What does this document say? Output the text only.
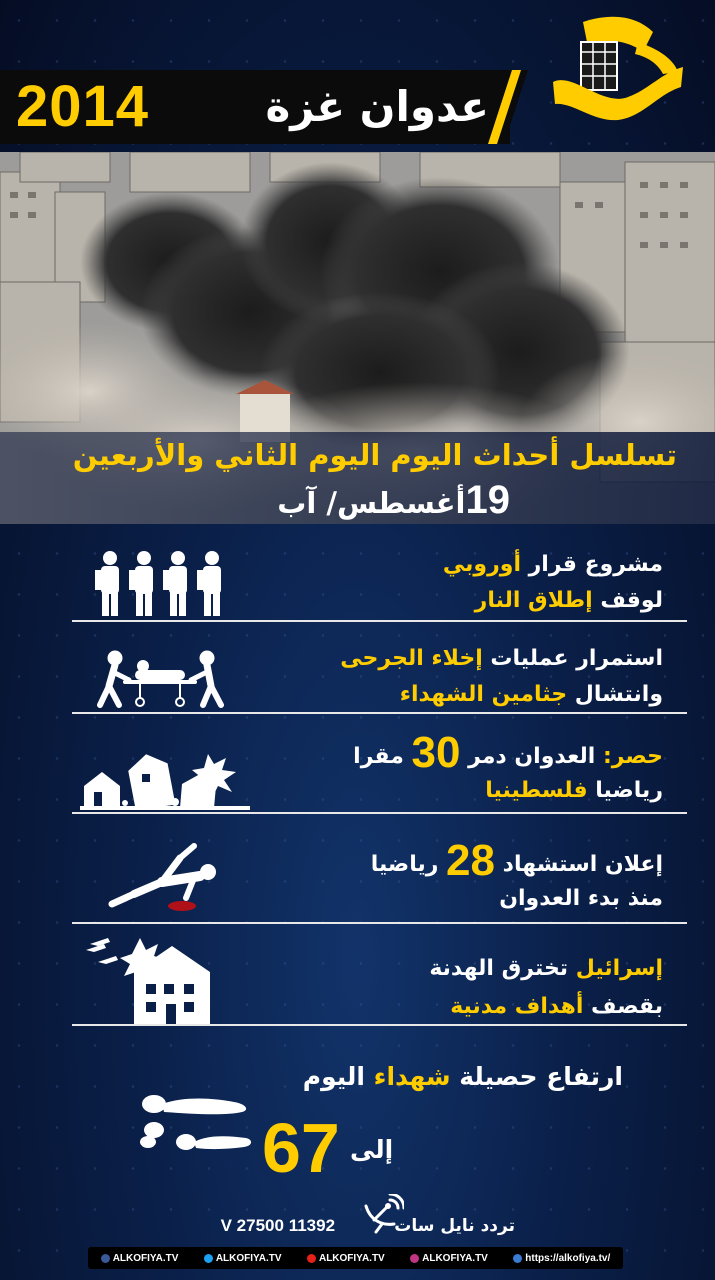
2014	عدوان غزة
تسلسل أحداث اليوم اليوم الثاني والأربعين
19أغسطس/ آب
مشروع قرار أوروبي
لوقف إطلاق النار
استمرار عمليات إخلاء الجرحى
وانتشال جثامين الشهداء
حصر: العدوان دمر 30 مقرا
رياضيا فلسطينيا
إعلان استشهاد 28 رياضيا
منذ بدء العدوان
إسرائيل تخترق الهدنة
بقصف أهداف مدنية
ارتفاع حصيلة شهداء اليوم
67 إلى
تردد نايل سات          11392 V 27500
ALKOFIYA.TV	ALKOFIYA.TV	ALKOFIYA.TV	ALKOFIYA.TV	https://alkofiya.tv/
